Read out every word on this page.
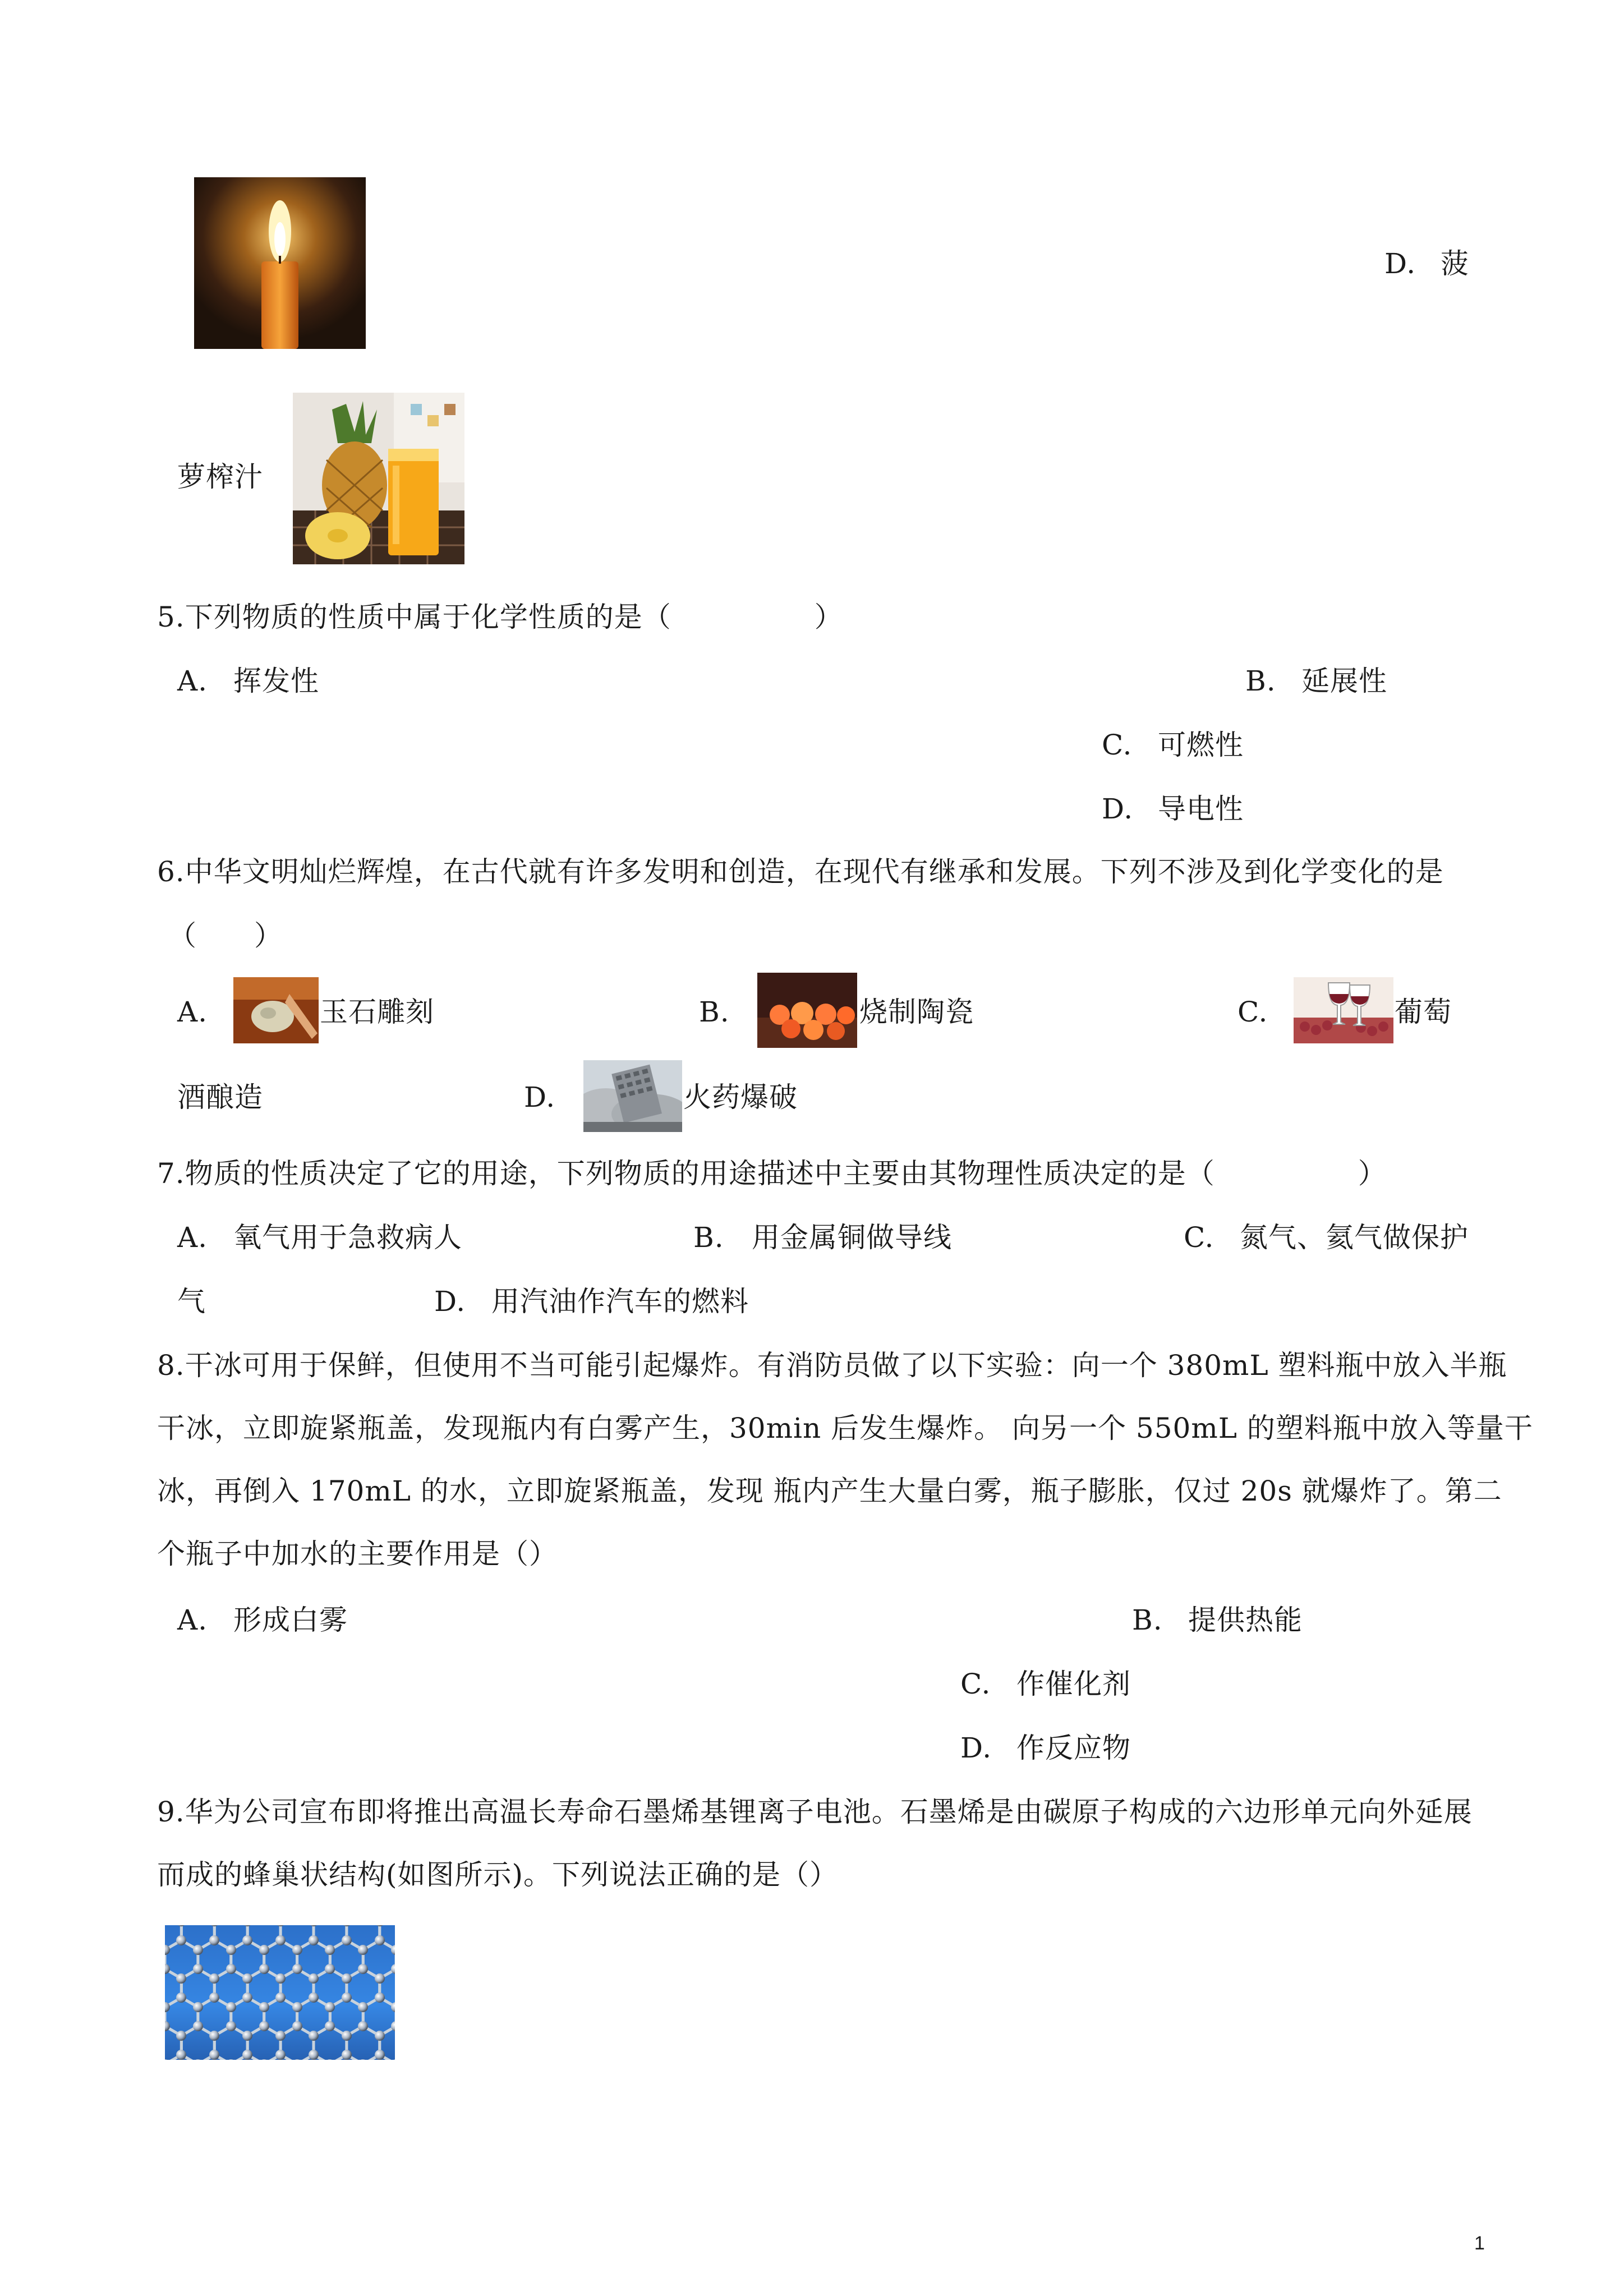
D. 菠
萝榨汁
5.下列物质的性质中属于化学性质的是（　　　　　）
A. 挥发性	B. 延展性
C. 可燃性
D. 导电性
6.中华文明灿烂辉煌，在古代就有许多发明和创造，在现代有继承和发展。下列不涉及到化学变化的是
（　　）
A.	玉石雕刻	B.	烧制陶瓷	C.	葡萄
酒酿造	D.	火药爆破
7.物质的性质决定了它的用途，下列物质的用途描述中主要由其物理性质决定的是（　　　　　）
A. 氧气用于急救病人	B. 用金属铜做导线	C. 氮气、氦气做保护
气	D. 用汽油作汽车的燃料
8.干冰可用于保鲜，但使用不当可能引起爆炸。有消防员做了以下实验：向一个 380mL 塑料瓶中放入半瓶
干冰，立即旋紧瓶盖，发现瓶内有白雾产生，30min 后发生爆炸。 向另一个 550mL 的塑料瓶中放入等量干
冰，再倒入 170mL 的水，立即旋紧瓶盖，发现 瓶内产生大量白雾，瓶子膨胀，仅过 20s 就爆炸了。第二
个瓶子中加水的主要作用是（）
A. 形成白雾	B. 提供热能
C. 作催化剂
D. 作反应物
9.华为公司宣布即将推出高温长寿命石墨烯基锂离子电池。石墨烯是由碳原子构成的六边形单元向外延展
而成的蜂巢状结构(如图所示)。下列说法正确的是（）
1
